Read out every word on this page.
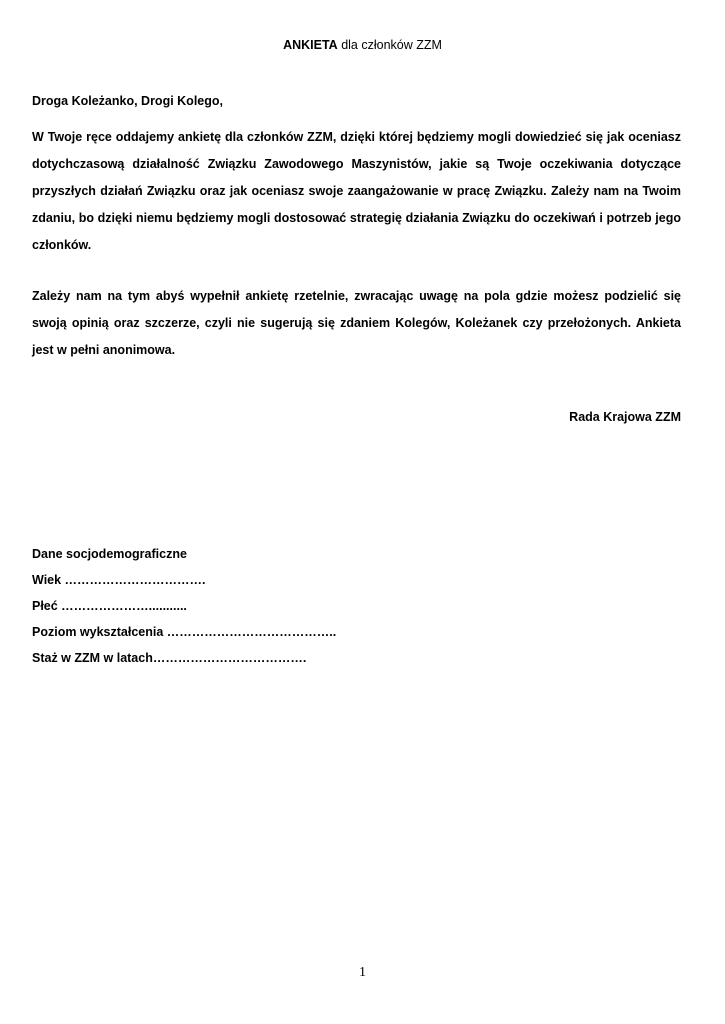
ANKIETA dla członków ZZM
Droga Koleżanko, Drogi Kolego,

W Twoje ręce oddajemy ankietę dla członków ZZM, dzięki której będziemy mogli dowiedzieć się jak oceniasz dotychczasową działalność Związku Zawodowego Maszynistów, jakie są Twoje oczekiwania dotyczące przyszłych działań Związku oraz jak oceniasz swoje zaangażowanie w pracę Związku. Zależy nam na Twoim zdaniu, bo dzięki niemu będziemy mogli dostosować strategię działania Związku do oczekiwań i potrzeb jego członków.

Zależy nam na tym abyś wypełnił ankietę rzetelnie, zwracając uwagę na pola gdzie możesz podzielić się swoją opinią oraz szczerze, czyli nie sugerują się zdaniem Kolegów, Koleżanek czy przełożonych. Ankieta jest w pełni anonimowa.

Rada Krajowa ZZM
Dane socjodemograficzne
Wiek …………………………….
Płeć …………………...........
Poziom wykształcenia …………………………………..
Staż w ZZM w latach……………………………….
1
